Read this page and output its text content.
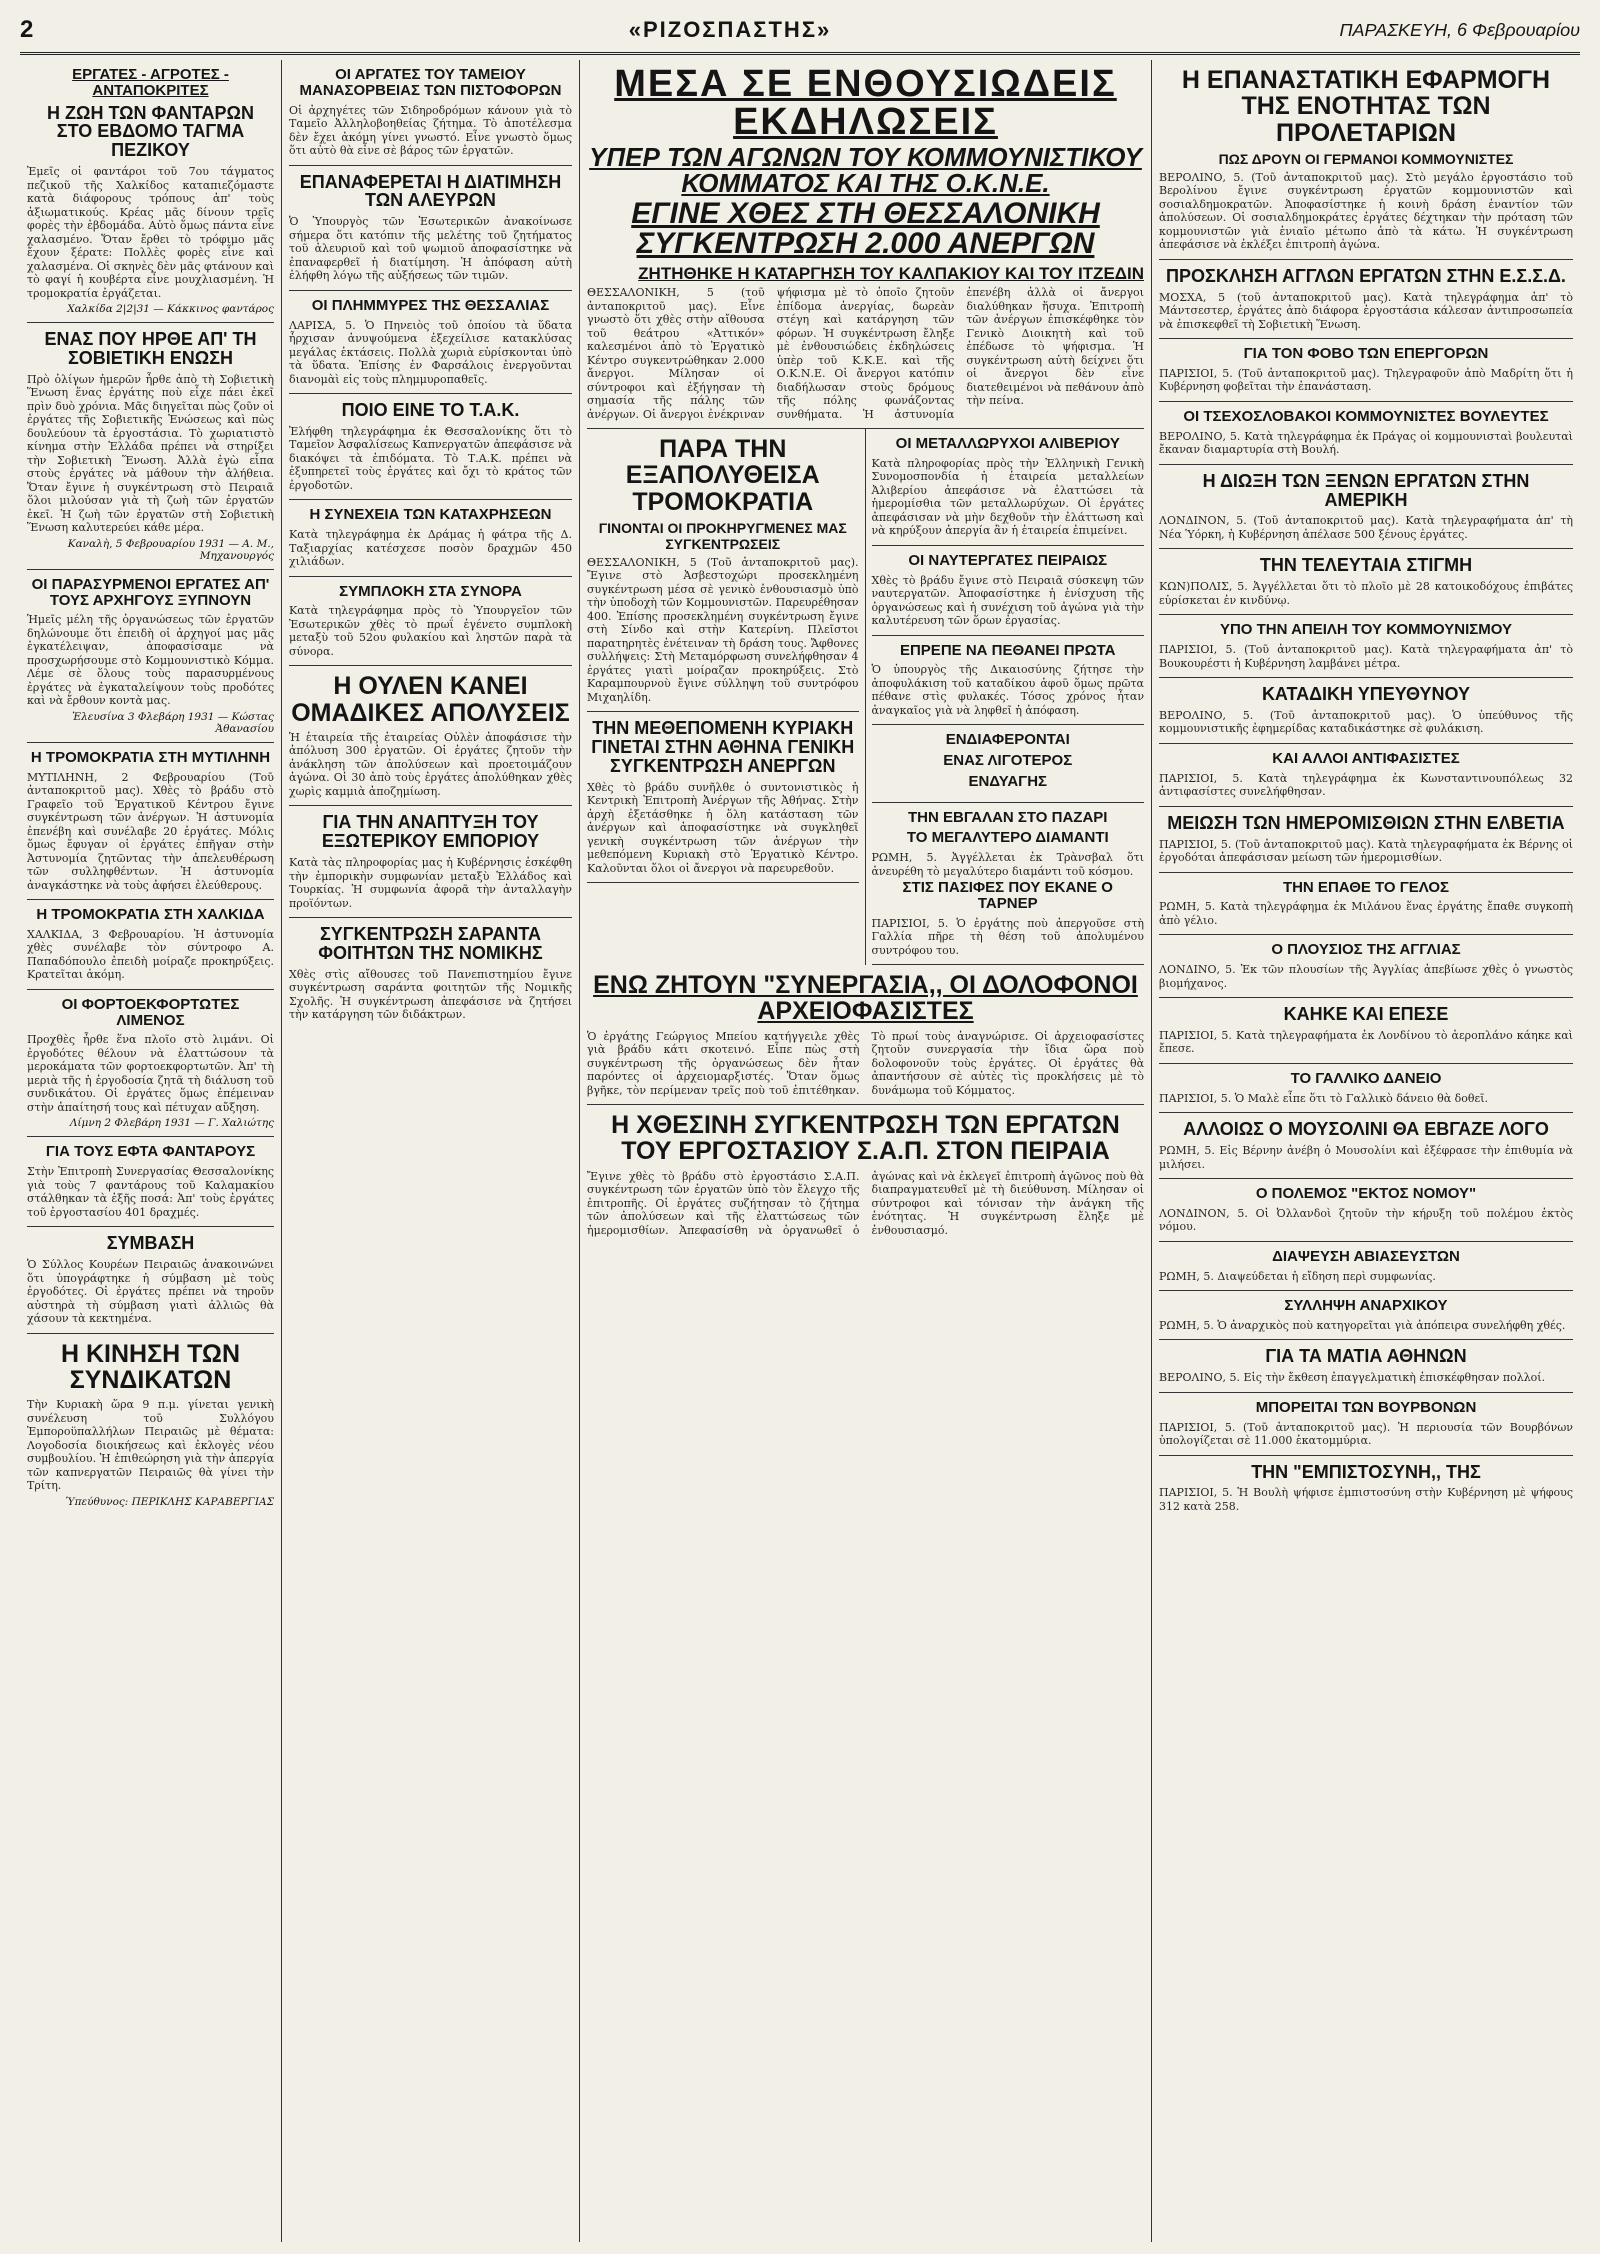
2	«ΡΙΖΟΣΠΑΣΤΗΣ»	ΠΑΡΑΣΚΕΥΗ, 6 Φεβρουαρίου
ΕΡΓΑΤΕΣ - ΑΓΡΟΤΕΣ - ΑΝΤΑΠΟΚΡΙΤΕΣ
Η ΖΩΗ ΤΩΝ ΦΑΝΤΑΡΩΝ ΣΤΟ ΕΒΔΟΜΟ ΤΑΓΜΑ ΠΕΖΙΚΟΥ
Ἐμεῖς οἱ φαντάροι τοῦ 7ου τάγματος πεζικοῦ τῆς Χαλκίδος καταπιεζόμαστε κατὰ διάφορους τρόπους ἀπ' τοὺς ἀξιωματικούς. Κρέας μᾶς δίνουν τρεῖς φορὲς τὴν ἑβδομάδα. Αὐτὸ ὅμως πάντα εἶνε χαλασμένο. Ὅταν ἔρθει τὸ τρόφιμο μᾶς ἔχουν ξέρατε: Πολλὲς φορὲς εἶνε καὶ χαλασμένα. Οἱ σκηνὲς δὲν μᾶς φτάνουν καὶ τὸ φαγί ἡ κουβέρτα εἶνε μουχλιασμένη. Ἡ τρομοκρατία ἐργάζεται.
Χαλκίδα 2|2|31 — Κάκκινος φαντάρος
ΕΝΑΣ ΠΟΥ ΗΡΘΕ ΑΠ' ΤΗ ΣΟΒΙΕΤΙΚΗ ΕΝΩΣΗ
Πρὸ ὀλίγων ἡμερῶν ἦρθε ἀπὸ τὴ Σοβιετικὴ Ἕνωση ἕνας ἐργάτης ποὺ εἶχε πάει ἐκεῖ πρὶν δυὸ χρόνια. Μᾶς διηγεῖται πὼς ζοῦν οἱ ἐργάτες τῆς Σοβιετικῆς Ἑνώσεως καὶ πὼς δουλεύουν τὰ ἐργοστάσια. Τὸ χωριατιστὸ κίνημα στὴν Ἑλλάδα πρέπει νὰ στηρίξει τὴν Σοβιετικὴ Ἕνωση. Ἀλλὰ ἐγὼ εἶπα στοὺς ἐργάτες νὰ μάθουν τὴν ἀλήθεια. Ὅταν ἔγινε ἡ συγκέντρωση στὸ Πειραιᾶ ὅλοι μιλούσαν γιὰ τὴ ζωὴ τῶν ἐργατῶν ἐκεῖ. Ἡ ζωὴ τῶν ἐργατῶν στὴ Σοβιετικὴ Ἕνωση καλυτερεύει κάθε μέρα.
Καναλὴ, 5 Φεβρουαρίου 1931 — Α. Μ., Μηχανουργός
ΟΙ ΠΑΡΑΣΥΡΜΕΝΟΙ ΕΡΓΑΤΕΣ ΑΠ' ΤΟΥΣ ΑΡΧΗΓΟΥΣ ΞΥΠΝΟΥΝ
Ἡμεῖς μέλη τῆς ὀργανώσεως τῶν ἐργατῶν δηλώνουμε ὅτι ἐπειδὴ οἱ ἀρχηγοί μας μᾶς ἐγκατέλειψαν, ἀποφασίσαμε νὰ προσχωρήσουμε στὸ Κομμουνιστικὸ Κόμμα. Λέμε σὲ ὅλους τοὺς παρασυρμένους ἐργάτες νὰ ἐγκαταλείψουν τοὺς προδότες καὶ νὰ ἔρθουν κοντὰ μας.
Ἐλευσίνα 3 Φλεβάρη 1931 — Κώστας Ἀθανασίου
Η ΤΡΟΜΟΚΡΑΤΙΑ ΣΤΗ ΜΥΤΙΛΗΝΗ
ΜΥΤΙΛΗΝΗ, 2 Φεβρουαρίου (Τοῦ ἀνταποκριτοῦ μας). Χθὲς τὸ βράδυ στὸ Γραφεῖο τοῦ Ἐργατικοῦ Κέντρου ἔγινε συγκέντρωση τῶν ἀνέργων. Ἡ ἀστυνομία ἐπενέβη καὶ συνέλαβε 20 ἐργάτες. Μόλις ὅμως ἔφυγαν οἱ ἐργάτες ἐπῆγαν στὴν Ἀστυνομία ζητῶντας τὴν ἀπελευθέρωση τῶν συλληφθέντων. Ἡ ἀστυνομία ἀναγκάστηκε νὰ τοὺς ἀφήσει ἐλεύθερους.
Η ΤΡΟΜΟΚΡΑΤΙΑ ΣΤΗ ΧΑΛΚΙΔΑ
ΧΑΛΚΙΔΑ, 3 Φεβρουαρίου. Ἡ ἀστυνομία χθὲς συνέλαβε τὸν σύντροφο Α. Παπαδόπουλο ἐπειδὴ μοίραζε προκηρύξεις. Κρατεῖται ἀκόμη.
ΟΙ ΦΟΡΤΟΕΚΦΟΡΤΩΤΕΣ ΛΙΜΕΝΟΣ
Προχθὲς ἦρθε ἕνα πλοῖο στὸ λιμάνι. Οἱ ἐργοδότες θέλουν νὰ ἐλαττώσουν τὰ μεροκάματα τῶν φορτοεκφορτωτῶν. Ἀπ' τὴ μεριὰ τῆς ἡ ἐργοδοσία ζητᾶ τὴ διάλυση τοῦ συνδικάτου. Οἱ ἐργάτες ὅμως ἐπέμειναν στὴν ἀπαίτησή τους καὶ πέτυχαν αὔξηση.
Λίμνη 2 Φλεβάρη 1931 — Γ. Χαλιώτης
ΓΙΑ ΤΟΥΣ ΕΦΤΑ ΦΑΝΤΑΡΟΥΣ
Στὴν Ἐπιτροπὴ Συνεργασίας Θεσσαλονίκης γιὰ τοὺς 7 φαντάρους τοῦ Καλαμακίου στάλθηκαν τὰ ἑξῆς ποσά: Ἀπ' τοὺς ἐργάτες τοῦ ἐργοστασίου 401 δραχμές.
ΣΥΜΒΑΣΗ
Ὁ Σύλλος Κουρέων Πειραιῶς ἀνακοινώνει ὅτι ὑπογράφτηκε ἡ σύμβαση μὲ τοὺς ἐργοδότες. Οἱ ἐργάτες πρέπει νὰ τηροῦν αὐστηρὰ τὴ σύμβαση γιατὶ ἀλλιῶς θὰ χάσουν τὰ κεκτημένα.
Η ΚΙΝΗΣΗ ΤΩΝ ΣΥΝΔΙΚΑΤΩΝ
Τὴν Κυριακὴ ὥρα 9 π.μ. γίνεται γενικὴ συνέλευση τοῦ Συλλόγου Ἐμποροϋπαλλήλων Πειραιῶς μὲ θέματα: Λογοδοσία διοικήσεως καὶ ἐκλογὲς νέου συμβουλίου. Ἡ ἐπιθεώρηση γιὰ τὴν ἀπεργία τῶν καπνεργατῶν Πειραιῶς θὰ γίνει τὴν Τρίτη.
Ὑπεύθυνος: ΠΕΡΙΚΛΗΣ ΚΑΡΑΒΕΡΓΙΑΣ
ΟΙ ΑΡΓΑΤΕΣ ΤΟΥ ΤΑΜΕΙΟΥ ΜΑΝΑΣΟΡΒΕΙΑΣ ΤΩΝ ΠΙΣΤΟΦΟΡΩΝ
Οἱ ἀρχηγέτες τῶν Σιδηροδρόμων κάνουν γιὰ τὸ Ταμεῖο Ἀλληλοβοηθείας ζήτημα. Τὸ ἀποτέλεσμα δὲν ἔχει ἀκόμη γίνει γνωστό. Εἶνε γνωστὸ ὅμως ὅτι αὐτὸ θὰ εἶνε σὲ βάρος τῶν ἐργατῶν.
ΕΠΑΝΑΦΕΡΕΤΑΙ Η ΔΙΑΤΙΜΗΣΗ ΤΩΝ ΑΛΕΥΡΩΝ
Ὁ Ὑπουργὸς τῶν Ἐσωτερικῶν ἀνακοίνωσε σήμερα ὅτι κατόπιν τῆς μελέτης τοῦ ζητήματος τοῦ ἀλευριοῦ καὶ τοῦ ψωμιοῦ ἀποφασίστηκε νὰ ἐπαναφερθεῖ ἡ διατίμηση. Ἡ ἀπόφαση αὐτὴ ἐλήφθη λόγω τῆς αὐξήσεως τῶν τιμῶν.
ΟΙ ΠΛΗΜΜΥΡΕΣ ΤΗΣ ΘΕΣΣΑΛΙΑΣ
ΛΑΡΙΣΑ, 5. Ὁ Πηνειὸς τοῦ ὁποίου τὰ ὕδατα ἦρχισαν ἀνυψούμενα ἐξεχείλισε κατακλύσας μεγάλας ἐκτάσεις. Πολλὰ χωριὰ εὑρίσκονται ὑπὸ τὰ ὕδατα. Ἐπίσης ἐν Φαρσάλοις ἐνεργοῦνται διανομὰὶ εἰς τοὺς πλημμυροπαθεῖς.
ΠΟΙΟ ΕΙΝΕ ΤΟ Τ.Α.Κ.
Ἐλήφθη τηλεγράφημα ἐκ Θεσσαλονίκης ὅτι τὸ Ταμεῖον Ἀσφαλίσεως Καπνεργατῶν ἀπεφάσισε νὰ διακόψει τὰ ἐπιδόματα. Τὸ Τ.Α.Κ. πρέπει νὰ ἐξυπηρετεῖ τοὺς ἐργάτες καὶ ὄχι τὸ κράτος τῶν ἐργοδοτῶν.
Η ΣΥΝΕΧΕΙΑ ΤΩΝ ΚΑΤΑΧΡΗΣΕΩΝ
Κατὰ τηλεγράφημα ἐκ Δράμας ἡ φάτρα τῆς Δ. Ταξιαρχίας κατέσχεσε ποσὸν δραχμῶν 450 χιλιάδων.
ΣΥΜΠΛΟΚΗ ΣΤΑ ΣΥΝΟΡΑ
Κατὰ τηλεγράφημα πρὸς τὸ Ὑπουργεῖον τῶν Ἐσωτερικῶν χθὲς τὸ πρωΐ ἐγένετο συμπλοκὴ μεταξὺ τοῦ 52ου φυλακίου καὶ ληστῶν παρὰ τὰ σύνορα.
Η ΟΥΛΕΝ ΚΑΝΕΙ ΟΜΑΔΙΚΕΣ ΑΠΟΛΥΣΕΙΣ
Ἡ ἑταιρεία τῆς ἐταιρείας Οὐλὲν ἀποφάσισε τὴν ἀπόλυση 300 ἐργατῶν. Οἱ ἐργάτες ζητοῦν τὴν ἀνάκληση τῶν ἀπολύσεων καὶ προετοιμάζουν ἀγώνα. Οἱ 30 ἀπὸ τοὺς ἐργάτες ἀπολύθηκαν χθὲς χωρὶς καμμιὰ ἀποζημίωση.
ΓΙΑ ΤΗΝ ΑΝΑΠΤΥΞΗ ΤΟΥ ΕΞΩΤΕΡΙΚΟΥ ΕΜΠΟΡΙΟΥ
Κατὰ τὰς πληροφορίας μας ἡ Κυβέρνησις ἐσκέφθη τὴν ἐμπορικὴν συμφωνίαν μεταξὺ Ἑλλάδος καὶ Τουρκίας. Ἡ συμφωνία ἀφορᾶ τὴν ἀνταλλαγὴν προϊόντων.
ΣΥΓΚΕΝΤΡΩΣΗ ΣΑΡΑΝΤΑ ΦΟΙΤΗΤΩΝ ΤΗΣ ΝΟΜΙΚΗΣ
Χθὲς στὶς αἴθουσες τοῦ Πανεπιστημίου ἔγινε συγκέντρωση σαράντα φοιτητῶν τῆς Νομικῆς Σχολῆς. Ἡ συγκέντρωση ἀπεφάσισε νὰ ζητήσει τὴν κατάργηση τῶν διδάκτρων.
ΜΕΣΑ ΣΕ ΕΝΘΟΥΣΙΩΔΕΙΣ ΕΚΔΗΛΩΣΕΙΣ
ΥΠΕΡ ΤΩΝ ΑΓΩΝΩΝ ΤΟΥ ΚΟΜΜΟΥΝΙΣΤΙΚΟΥ ΚΟΜΜΑΤΟΣ ΚΑΙ ΤΗΣ Ο.Κ.Ν.Ε.
ΕΓΙΝΕ ΧΘΕΣ ΣΤΗ ΘΕΣΣΑΛΟΝΙΚΗ ΣΥΓΚΕΝΤΡΩΣΗ 2.000 ΑΝΕΡΓΩΝ
ΖΗΤΗΘΗΚΕ Η ΚΑΤΑΡΓΗΣΗ ΤΟΥ ΚΑΛΠΑΚΙΟΥ ΚΑΙ ΤΟΥ ΙΤΖΕΔΙΝ
ΘΕΣΣΑΛΟΝΙΚΗ, 5 (τοῦ ἀνταποκριτοῦ μας). Εἶνε γνωστὸ ὅτι χθὲς στὴν αἴθουσα τοῦ θεάτρου «Ἀττικόν» καλεσμένοι ἀπὸ τὸ Ἐργατικὸ Κέντρο συγκεντρώθηκαν 2.000 ἄνεργοι. Μίλησαν οἱ σύντροφοι καὶ ἐξήγησαν τὴ σημασία τῆς πάλης τῶν ἀνέργων. Οἱ ἄνεργοι ἐνέκριναν ψήφισμα μὲ τὸ ὁποῖο ζητοῦν ἐπίδομα ἀνεργίας, δωρεὰν στέγη καὶ κατάργηση τῶν φόρων. Ἡ συγκέντρωση ἔληξε μὲ ἐνθουσιώδεις ἐκδηλώσεις ὑπὲρ τοῦ Κ.Κ.Ε. καὶ τῆς Ο.Κ.Ν.Ε. Οἱ ἄνεργοι κατόπιν διαδήλωσαν στοὺς δρόμους τῆς πόλης φωνάζοντας συνθήματα. Ἡ ἀστυνομία ἐπενέβη ἀλλὰ οἱ ἄνεργοι διαλύθηκαν ἥσυχα. Ἐπιτροπὴ τῶν ἀνέργων ἐπισκέφθηκε τὸν Γενικὸ Διοικητὴ καὶ τοῦ ἐπέδωσε τὸ ψήφισμα. Ἡ συγκέντρωση αὐτὴ δείχνει ὅτι οἱ ἄνεργοι δὲν εἶνε διατεθειμένοι νὰ πεθάνουν ἀπὸ τὴν πείνα.
ΠΑΡΑ ΤΗΝ ΕΞΑΠΟΛΥΘΕΙΣΑ ΤΡΟΜΟΚΡΑΤΙΑ
ΓΙΝΟΝΤΑΙ ΟΙ ΠΡΟΚΗΡΥΓΜΕΝΕΣ ΜΑΣ ΣΥΓΚΕΝΤΡΩΣΕΙΣ
ΘΕΣΣΑΛΟΝΙΚΗ, 5 (Τοῦ ἀνταποκριτοῦ μας). Ἔγινε στὸ Ἀσβεστοχώρι προσεκλημένη συγκέντρωση μέσα σὲ γενικὸ ἐνθουσιασμὸ ὑπὸ τὴν ὑποδοχὴ τῶν Κομμουνιστῶν. Παρευρέθησαν 400. Ἐπίσης προσεκλημένη συγκέντρωση ἔγινε στὴ Σίνδο καὶ στὴν Κατερίνη. Πλεῖστοι παρατηρητὲς ἐνέτειναν τὴ δράση τους. Ἄφθονες συλλήψεις: Στὴ Μεταμόρφωση συνελήφθησαν 4 ἐργάτες γιατὶ μοίραζαν προκηρύξεις. Στὸ Καραμπουρνοὺ ἔγινε σύλληψη τοῦ συντρόφου Μιχαηλίδη.
ΤΗΝ ΜΕΘΕΠΟΜΕΝΗ ΚΥΡΙΑΚΗ ΓΙΝΕΤΑΙ ΣΤΗΝ ΑΘΗΝΑ ΓΕΝΙΚΗ ΣΥΓΚΕΝΤΡΩΣΗ ΑΝΕΡΓΩΝ
Χθὲς τὸ βράδυ συνῆλθε ὁ συντονιστικὸς ἡ Κεντρικὴ Ἐπιτροπὴ Ἀνέργων τῆς Ἀθήνας. Στὴν ἀρχὴ ἐξετάσθηκε ἡ ὅλη κατάσταση τῶν ἀνέργων καὶ ἀποφασίστηκε νὰ συγκληθεῖ γενικὴ συγκέντρωση τῶν ἀνέργων τὴν μεθεπόμενη Κυριακὴ στὸ Ἐργατικὸ Κέντρο. Καλοῦνται ὅλοι οἱ ἄνεργοι νὰ παρευρεθοῦν.
ΟΙ ΜΕΤΑΛΛΩΡΥΧΟΙ ΑΛΙΒΕΡΙΟΥ
Κατὰ πληροφορίας πρὸς τὴν Ἑλληνικὴ Γενικὴ Συνομοσπονδία ἡ ἑταιρεία μεταλλείων Ἀλιβερίου ἀπεφάσισε νὰ ἐλαττώσει τὰ ἡμερομίσθια τῶν μεταλλωρύχων. Οἱ ἐργάτες ἀπεφάσισαν νὰ μὴν δεχθοῦν τὴν ἐλάττωση καὶ νὰ κηρύξουν ἀπεργία ἂν ἡ ἑταιρεία ἐπιμείνει.
ΟΙ ΝΑΥΤΕΡΓΑΤΕΣ ΠΕΙΡΑΙΩΣ
Χθὲς τὸ βράδυ ἔγινε στὸ Πειραιᾶ σύσκεψη τῶν ναυτεργατῶν. Ἀποφασίστηκε ἡ ἐνίσχυση τῆς ὀργανώσεως καὶ ἡ συνέχιση τοῦ ἀγώνα γιὰ τὴν καλυτέρευση τῶν ὅρων ἐργασίας.
ΕΠΡΕΠΕ ΝΑ ΠΕΘΑΝΕΙ ΠΡΩΤΑ
Ὁ ὑπουργὸς τῆς Δικαιοσύνης ζήτησε τὴν ἀποφυλάκιση τοῦ καταδίκου ἀφοῦ ὅμως πρῶτα πέθανε στὶς φυλακές. Τόσος χρόνος ἦταν ἀναγκαῖος γιὰ νὰ ληφθεῖ ἡ ἀπόφαση.
ΕΝΔΙΑΦΕΡΟΝΤΑΙ
ΕΝΑΣ ΛΙΓΟΤΕΡΟΣ
ΕΝΔΥΑΓΗΣ
ΤΗΝ ΕΒΓΑΛΑΝ ΣΤΟ ΠΑΖΑΡΙ
ΤΟ ΜΕΓΑΛΥΤΕΡΟ ΔΙΑΜΑΝΤΙ
ΡΩΜΗ, 5. Ἀγγέλλεται ἐκ Τρὰνσβαλ ὅτι ἀνευρέθη τὸ μεγαλύτερο διαμάντι τοῦ κόσμου.
ΣΤΙΣ ΠΑΣΙΦΕΣ ΠΟΥ ΕΚΑΝΕ Ο ΤΑΡΝΕΡ
ΠΑΡΙΣΙΟΙ, 5. Ὁ ἐργάτης ποὺ ἀπεργοῦσε στὴ Γαλλία πῆρε τὴ θέση τοῦ ἀπολυμένου συντρόφου του.
ΕΝΩ ΖΗΤΟΥΝ "ΣΥΝΕΡΓΑΣΙΑ,, ΟΙ ΔΟΛΟΦΟΝΟΙ ΑΡΧΕΙΟΦΑΣΙΣΤΕΣ
Ὁ ἐργάτης Γεώργιος Μπείου κατήγγειλε χθὲς γιὰ βράδυ κάτι σκοτεινό. Εἶπε πὼς στὴ συγκέντρωση τῆς ὀργανώσεως δὲν ἦταν παρόντες οἱ ἀρχειομαρξιστές. Ὅταν ὅμως βγῆκε, τὸν περίμεναν τρεῖς ποὺ τοῦ ἐπιτέθηκαν. Τὸ πρωί τοὺς ἀναγνώρισε. Οἱ ἀρχειοφασίστες ζητοῦν συνεργασία τὴν ἴδια ὥρα ποὺ δολοφονοῦν τοὺς ἐργάτες. Οἱ ἐργάτες θὰ ἀπαντήσουν σὲ αὐτὲς τὶς προκλήσεις μὲ τὸ δυνάμωμα τοῦ Κόμματος.
Η ΧΘΕΣΙΝΗ ΣΥΓΚΕΝΤΡΩΣΗ ΤΩΝ ΕΡΓΑΤΩΝ ΤΟΥ ΕΡΓΟΣΤΑΣΙΟΥ Σ.Α.Π. ΣΤΟΝ ΠΕΙΡΑΙΑ
Ἔγινε χθὲς τὸ βράδυ στὸ ἐργοστάσιο Σ.Α.Π. συγκέντρωση τῶν ἐργατῶν ὑπὸ τὸν ἔλεγχο τῆς ἐπιτροπῆς. Οἱ ἐργάτες συζήτησαν τὸ ζήτημα τῶν ἀπολύσεων καὶ τῆς ἐλαττώσεως τῶν ἡμερομισθίων. Ἀπεφασίσθη νὰ ὀργανωθεῖ ὁ ἀγώνας καὶ νὰ ἐκλεγεῖ ἐπιτροπὴ ἀγῶνος ποὺ θὰ διαπραγματευθεῖ μὲ τὴ διεύθυνση. Μίλησαν οἱ σύντροφοι καὶ τόνισαν τὴν ἀνάγκη τῆς ἑνότητας. Ἡ συγκέντρωση ἔληξε μὲ ἐνθουσιασμό.
Η ΕΠΑΝΑΣΤΑΤΙΚΗ ΕΦΑΡΜΟΓΗ ΤΗΣ ΕΝΟΤΗΤΑΣ ΤΩΝ ΠΡΟΛΕΤΑΡΙΩΝ
ΠΩΣ ΔΡΟΥΝ ΟΙ ΓΕΡΜΑΝΟΙ ΚΟΜΜΟΥΝΙΣΤΕΣ
ΒΕΡΟΛΙΝΟ, 5. (Τοῦ ἀνταποκριτοῦ μας). Στὸ μεγάλο ἐργοστάσιο τοῦ Βερολίνου ἔγινε συγκέντρωση ἐργατῶν κομμουνιστῶν καὶ σοσιαλδημοκρατῶν. Ἀποφασίστηκε ἡ κοινὴ δράση ἐναντίον τῶν ἀπολύσεων. Οἱ σοσιαλδημοκράτες ἐργάτες δέχτηκαν τὴν πρόταση τῶν κομμουνιστῶν γιὰ ἑνιαῖο μέτωπο ἀπὸ τὰ κάτω. Ἡ συγκέντρωση ἀπεφάσισε νὰ ἐκλέξει ἐπιτροπὴ ἀγώνα.
ΠΡΟΣΚΛΗΣΗ ΑΓΓΛΩΝ ΕΡΓΑΤΩΝ ΣΤΗΝ Ε.Σ.Σ.Δ.
ΜΟΣΧΑ, 5 (τοῦ ἀνταποκριτοῦ μας). Κατὰ τηλεγράφημα ἀπ' τὸ Μάντσεστερ, ἐργάτες ἀπὸ διάφορα ἐργοστάσια κάλεσαν ἀντιπροσωπεία νὰ ἐπισκεφθεῖ τὴ Σοβιετικὴ Ἕνωση.
ΓΙΑ ΤΟΝ ΦΟΒΟ ΤΩΝ ΕΠΕΡΓΟΡΩΝ
ΠΑΡΙΣΙΟΙ, 5. (Τοῦ ἀνταποκριτοῦ μας). Τηλεγραφοῦν ἀπὸ Μαδρίτη ὅτι ἡ Κυβέρνηση φοβεῖται τὴν ἐπανάσταση.
ΟΙ ΤΣΕΧΟΣΛΟΒΑΚΟΙ ΚΟΜΜΟΥΝΙΣΤΕΣ ΒΟΥΛΕΥΤΕΣ
ΒΕΡΟΛΙΝΟ, 5. Κατὰ τηλεγράφημα ἐκ Πράγας οἱ κομμουνισταὶ βουλευταὶ ἔκαναν διαμαρτυρία στὴ Βουλή.
Η ΔΙΩΞΗ ΤΩΝ ΞΕΝΩΝ ΕΡΓΑΤΩΝ ΣΤΗΝ ΑΜΕΡΙΚΗ
ΛΟΝΔΙΝΟΝ, 5. (Τοῦ ἀνταποκριτοῦ μας). Κατὰ τηλεγραφήματα ἀπ' τὴ Νέα Ὑόρκη, ἡ Κυβέρνηση ἀπέλασε 500 ξένους ἐργάτες.
ΤΗΝ ΤΕΛΕΥΤΑΙΑ ΣΤΙΓΜΗ
ΚΩΝ)ΠΟΛΙΣ, 5. Ἀγγέλλεται ὅτι τὸ πλοῖο μὲ 28 κατοικοδόχους ἐπιβάτες εὑρίσκεται ἐν κινδύνῳ.
ΥΠΟ ΤΗΝ ΑΠΕΙΛΗ ΤΟΥ ΚΟΜΜΟΥΝΙΣΜΟΥ
ΠΑΡΙΣΙΟΙ, 5. (Τοῦ ἀνταποκριτοῦ μας). Κατὰ τηλεγραφήματα ἀπ' τὸ Βουκουρέστι ἡ Κυβέρνηση λαμβάνει μέτρα.
ΚΑΤΑΔΙΚΗ ΥΠΕΥΘΥΝΟΥ
ΒΕΡΟΛΙΝΟ, 5. (Τοῦ ἀνταποκριτοῦ μας). Ὁ ὑπεύθυνος τῆς κομμουνιστικῆς ἐφημερίδας καταδικάστηκε σὲ φυλάκιση.
ΚΑΙ ΑΛΛΟΙ ΑΝΤΙΦΑΣΙΣΤΕΣ
ΠΑΡΙΣΙΟΙ, 5. Κατὰ τηλεγράφημα ἐκ Κωνσταντινουπόλεως 32 ἀντιφασίστες συνελήφθησαν.
ΜΕΙΩΣΗ ΤΩΝ ΗΜΕΡΟΜΙΣΘΙΩΝ ΣΤΗΝ ΕΛΒΕΤΙΑ
ΠΑΡΙΣΙΟΙ, 5. (Τοῦ ἀνταποκριτοῦ μας). Κατὰ τηλεγραφήματα ἐκ Βέρνης οἱ ἐργοδόται ἀπεφάσισαν μείωση τῶν ἡμερομισθίων.
ΤΗΝ ΕΠΑΘΕ ΤΟ ΓΕΛΟΣ
ΡΩΜΗ, 5. Κατὰ τηλεγράφημα ἐκ Μιλάνου ἕνας ἐργάτης ἔπαθε συγκοπὴ ἀπὸ γέλιο.
Ο ΠΛΟΥΣΙΟΣ ΤΗΣ ΑΓΓΛΙΑΣ
ΛΟΝΔΙΝΟ, 5. Ἐκ τῶν πλουσίων τῆς Ἀγγλίας ἀπεβίωσε χθὲς ὁ γνωστὸς βιομήχανος.
ΚΑΗΚΕ ΚΑΙ ΕΠΕΣΕ
ΠΑΡΙΣΙΟΙ, 5. Κατὰ τηλεγραφήματα ἐκ Λονδίνου τὸ ἀεροπλάνο κάηκε καὶ ἔπεσε.
ΤΟ ΓΑΛΛΙΚΟ ΔΑΝΕΙΟ
ΠΑΡΙΣΙΟΙ, 5. Ὁ Μαλὲ εἶπε ὅτι τὸ Γαλλικὸ δάνειο θὰ δοθεῖ.
ΑΛΛΟΙΩΣ Ο ΜΟΥΣΟΛΙΝΙ ΘΑ ΕΒΓΑΖΕ ΛΟΓΟ
ΡΩΜΗ, 5. Εἰς Βέρνην ἀνέβη ὁ Μουσολίνι καὶ ἐξέφρασε τὴν ἐπιθυμία νὰ μιλήσει.
Ο ΠΟΛΕΜΟΣ "ΕΚΤΟΣ ΝΟΜΟΥ"
ΛΟΝΔΙΝΟΝ, 5. Οἱ Ὀλλανδοὶ ζητοῦν τὴν κήρυξη τοῦ πολέμου ἐκτὸς νόμου.
ΔΙΑΨΕΥΣΗ ΑΒΙΑΣΕΥΣΤΩΝ
ΡΩΜΗ, 5. Διαψεύδεται ἡ εἴδηση περὶ συμφωνίας.
ΣΥΛΛΗΨΗ ΑΝΑΡΧΙΚΟΥ
ΡΩΜΗ, 5. Ὁ ἀναρχικὸς ποὺ κατηγορεῖται γιὰ ἀπόπειρα συνελήφθη χθές.
ΓΙΑ ΤΑ ΜΑΤΙΑ ΑΘΗΝΩΝ
ΒΕΡΟΛΙΝΟ, 5. Εἰς τὴν ἔκθεση ἐπαγγελματικὴ ἐπισκέφθησαν πολλοί.
ΜΠΟΡΕΙΤΑΙ ΤΩΝ ΒΟΥΡΒΟΝΩΝ
ΠΑΡΙΣΙΟΙ, 5. (Τοῦ ἀνταποκριτοῦ μας). Ἡ περιουσία τῶν Βουρβόνων ὑπολογίζεται σὲ 11.000 ἑκατομμύρια.
ΤΗΝ "ΕΜΠΙΣΤΟΣΥΝΗ,, ΤΗΣ
ΠΑΡΙΣΙΟΙ, 5. Ἡ Βουλὴ ψήφισε ἐμπιστοσύνη στὴν Κυβέρνηση μὲ ψήφους 312 κατὰ 258.
